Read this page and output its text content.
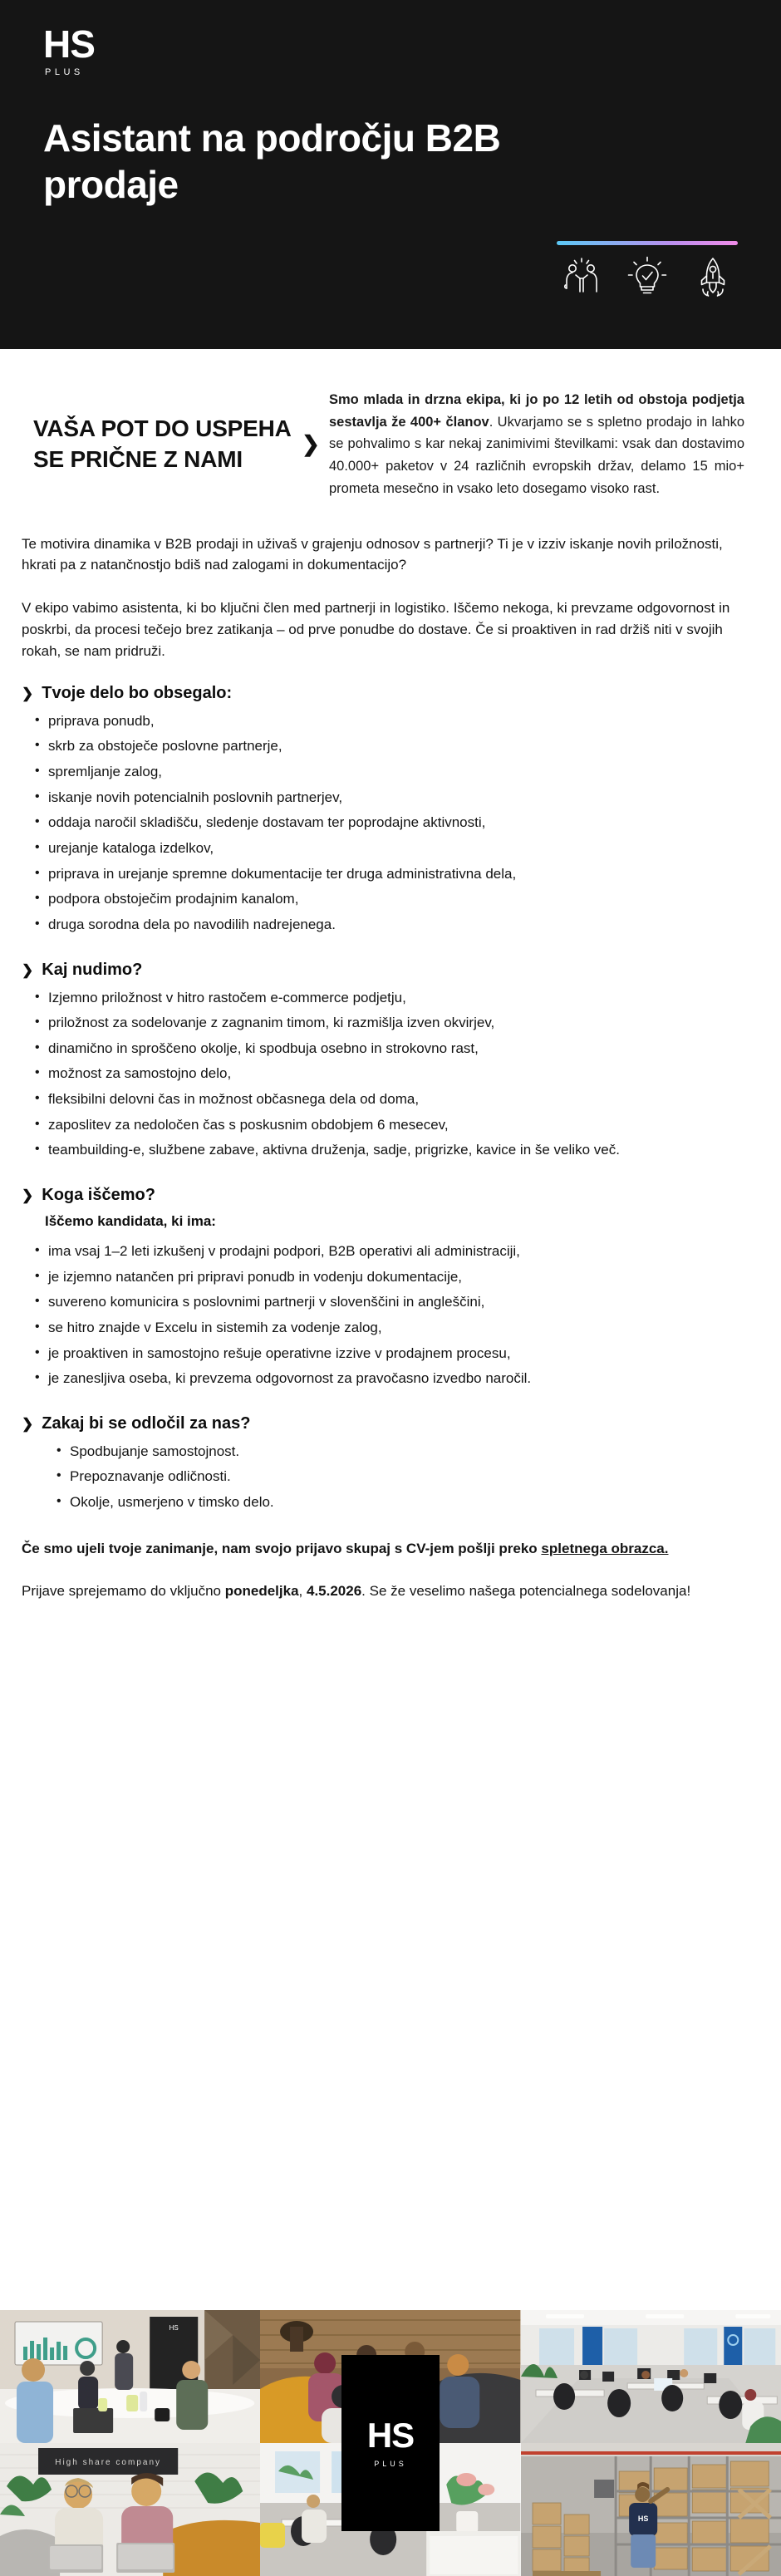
HS
PLUS
Asistant na področju B2B prodaje
VAŠA POT DO USPEHA SE PRIČNE Z NAMI
❯
Smo mlada in drzna ekipa, ki jo po 12 letih od obstoja podjetja sestavlja že 400+ članov. Ukvarjamo se s spletno prodajo in lahko se pohvalimo s kar nekaj zanimivimi številkami: vsak dan dostavimo 40.000+ paketov v 24 različnih evropskih držav, delamo 15 mio+ prometa mesečno in vsako leto dosegamo visoko rast.

Te motivira dinamika v B2B prodaji in uživaš v grajenju odnosov s partnerji? Ti je v izziv iskanje novih priložnosti, hkrati pa z natančnostjo bdiš nad zalogami in dokumentacijo?

V ekipo vabimo asistenta, ki bo ključni člen med partnerji in logistiko. Iščemo nekoga, ki prevzame odgovornost in poskrbi, da procesi tečejo brez zatikanja – od prve ponudbe do dostave. Če si proaktiven in rad držiš niti v svojih rokah, se nam pridruži.

❯ Tvoje delo bo obsegalo:
• priprava ponudb,
• skrb za obstoječe poslovne partnerje,
• spremljanje zalog,
• iskanje novih potencialnih poslovnih partnerjev,
• oddaja naročil skladišču, sledenje dostavam ter poprodajne aktivnosti,
• urejanje kataloga izdelkov,
• priprava in urejanje spremne dokumentacije ter druga administrativna dela,
• podpora obstoječim prodajnim kanalom,
• druga sorodna dela po navodilih nadrejenega.
❯ Kaj nudimo?
• Izjemno priložnost v hitro rastočem e-commerce podjetju,
• priložnost za sodelovanje z zagnanim timom, ki razmišlja izven okvirjev,
• dinamično in sproščeno okolje, ki spodbuja osebno in strokovno rast,
• možnost za samostojno delo,
• fleksibilni delovni čas in možnost občasnega dela od doma,
• zaposlitev za nedoločen čas s poskusnim obdobjem 6 mesecev,
• teambuilding-e, službene zabave, aktivna druženja, sadje, prigrizke, kavice in še veliko več.
❯ Koga iščemo?
Iščemo kandidata, ki ima:
• ima vsaj 1–2 leti izkušenj v prodajni podpori, B2B operativi ali administraciji,
• je izjemno natančen pri pripravi ponudb in vodenju dokumentacije,
• suvereno komunicira s poslovnimi partnerji v slovenščini in angleščini,
• se hitro znajde v Excelu in sistemih za vodenje zalog,
• je proaktiven in samostojno rešuje operativne izzive v prodajnem procesu,
• je zanesljiva oseba, ki prevzema odgovornost za pravočasno izvedbo naročil.
❯ Zakaj bi se odločil za nas?
• Spodbujanje samostojnost.
• Prepoznavanje odličnosti.
• Okolje, usmerjeno v timsko delo.

Če smo ujeli tvoje zanimanje, nam svojo prijavo skupaj s CV-jem pošlji preko spletnega obrazca.

Prijave sprejemamo do vključno ponedeljka, 4.5.2026. Se že veselimo našega potencialnega sodelovanja!

HS
High share company
HS
HS
PLUS
